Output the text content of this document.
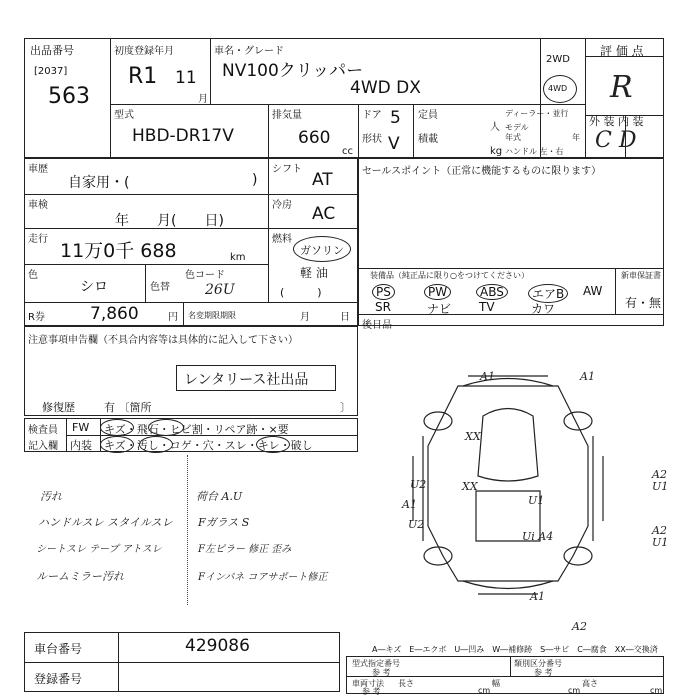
出品番号
[2037]
563
初度登録年月
R1 11
月
車名・グレード
NV100クリッパー
4WD DX
2WD
4WD
評 価 点
R
外 装 内 装
C D
型式
HBD-DR17V
排気量
660
cc
ドア 5
形状 V
定員
人
積載
kg
ディーラー・並行
モデル
年式	年
ハンドル 左・右
車歴
自家用・(	)
シフト
AT
車検
年　　月(　　日)
冷房 AC
走行
11万0千 688	km
燃料
ガソリン
軽 油
(　　　)
色
シロ	色替
色コード
26U
R券	7,860	円 名変期限期限	月	日
セールスポイント（正常に機能するものに限ります）
装備品（純正品に限り○をつけてください）	新車保証書
有・無
後日品
PS	PW	ABS	エアB	AW
SR	ナビ TV	カワ
注意事項申告欄（不具合内容等は具体的に記入して下さい）
レンタリース社出品
修復歴	有 〔箇所	〕
検査員
記入欄
FW キズ・飛石・ヒビ割・リペア跡・×要
内装 キズ・汚し・コゲ・穴・スレ・キレ・破し
汚れ
ハンドルスレ スタイルスレ
シートスレ テープ アトスレ
ルームミラー汚れ
荷台 A.U
Fガラス S
F左ピラー 修正 歪み
Fインパネ コアサポート修正
A1	A1
XX
XX
U2
A1
U2
U1
Ui A4
A2
U1
A2
U1
A1
A2
車台番号	429086
登録番号
A―キズ　E―エクボ　U―凹み　W―補修跡　S―サビ　C―腐食　XX―交換済
型式指定番号
参 考
類別区分番号
参 考
車両寸法
参 考
長さ
cm
幅
cm
高さ
cm
